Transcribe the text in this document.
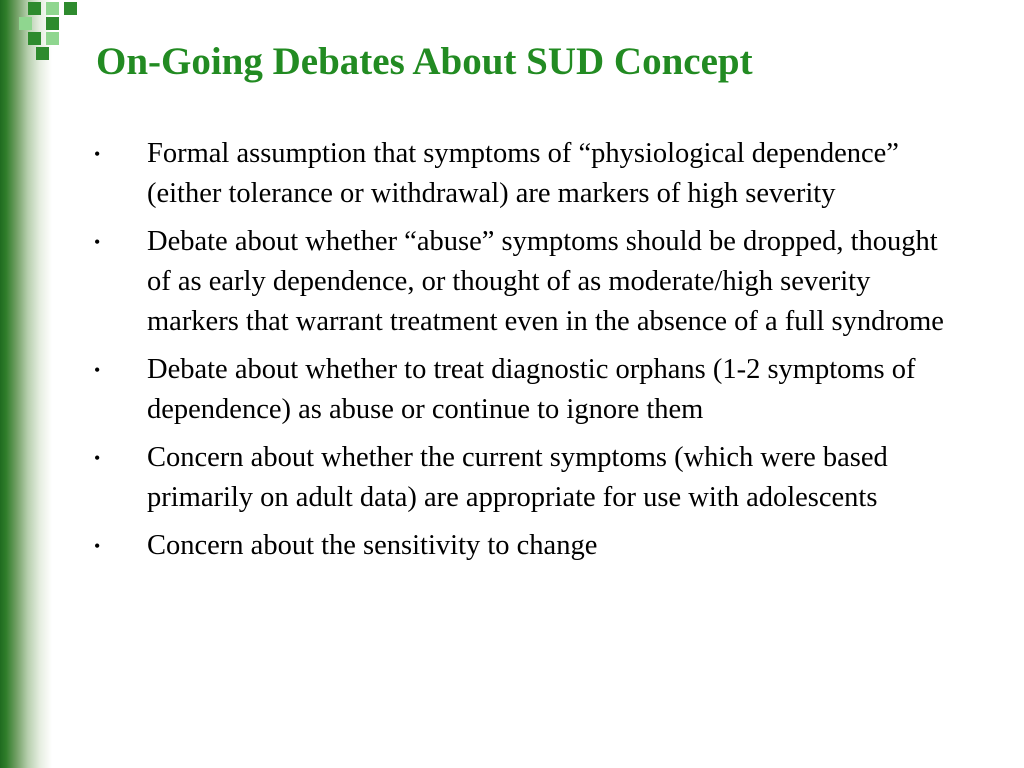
On-Going Debates About SUD Concept
•	Formal assumption that symptoms of “physiological dependence” (either tolerance or withdrawal) are markers of high severity
•	Debate about whether “abuse” symptoms should be dropped, thought of as early dependence, or thought of as moderate/high severity markers that warrant treatment even in the absence of a full syndrome
•	Debate about whether to treat diagnostic orphans (1-2 symptoms of dependence) as abuse or continue to ignore them
•	Concern about whether the current symptoms (which were based primarily on adult data) are appropriate for use with adolescents
•	Concern about the sensitivity to change
